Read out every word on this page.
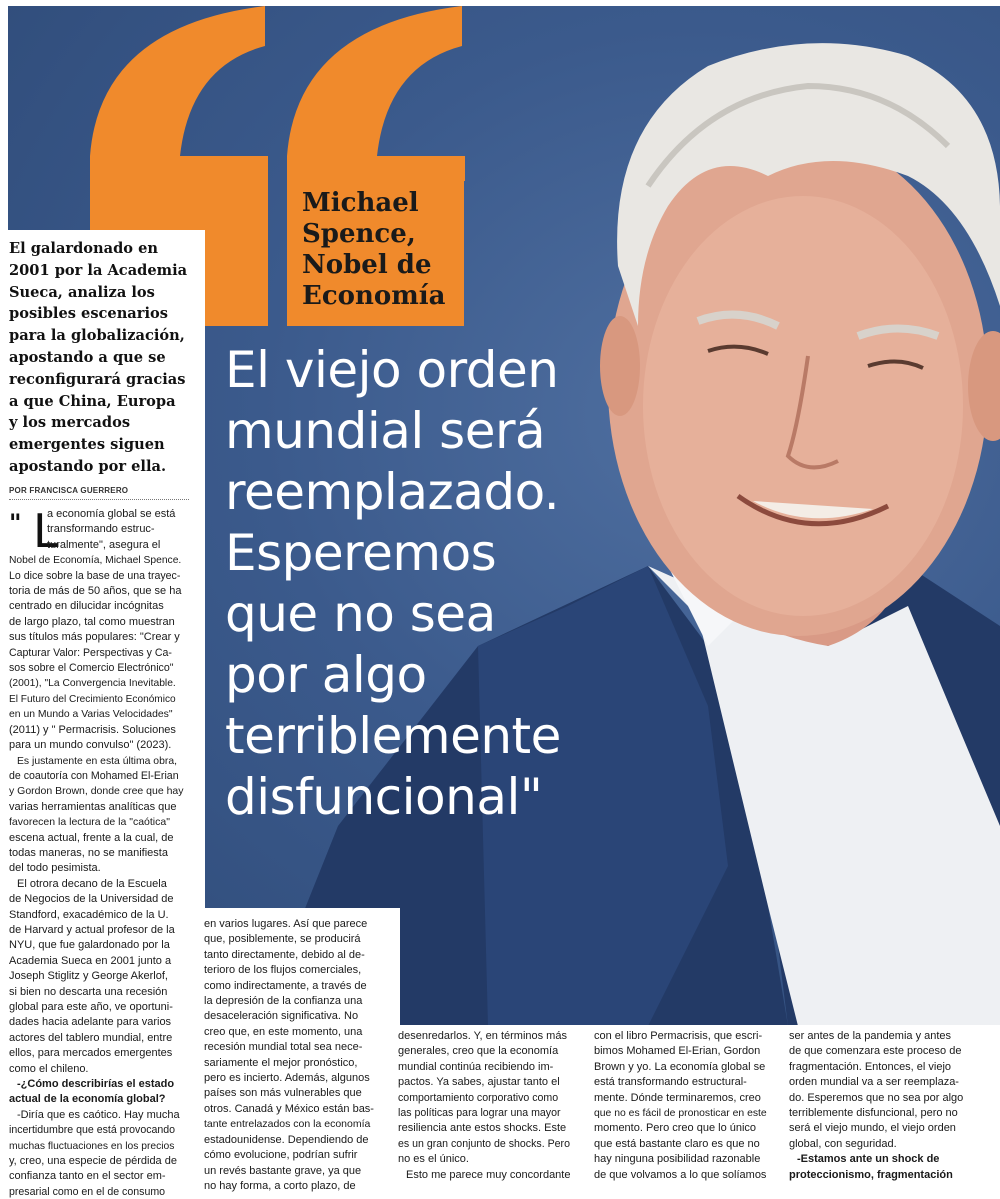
Michael
Spence,
Nobel de
Economía
El viejo orden
mundial será
reemplazado.
Esperemos
que no sea
por algo
terriblemente
disfuncional"
El galardonado en
2001 por la Academia
Sueca, analiza los
posibles escenarios
para la globalización,
apostando a que se
reconfigurará gracias
a que China, Europa
y los mercados
emergentes siguen
apostando por ella.
POR FRANCISCA GUERRERO
" L
a economía global se está
transformando estruc-
turalmente", asegura el
Nobel de Economía, Michael Spence.
Lo dice sobre la base de una trayec-
toria de más de 50 años, que se ha
centrado en dilucidar incógnitas
de largo plazo, tal como muestran
sus títulos más populares: "Crear y
Capturar Valor: Perspectivas y Ca-
sos sobre el Comercio Electrónico"
(2001), "La Convergencia Inevitable.
El Futuro del Crecimiento Económico
en un Mundo a Varias Velocidades"
(2011) y " Permacrisis. Soluciones
para un mundo convulso" (2023).
Es justamente en esta última obra,
de coautoría con Mohamed El-Erian
y Gordon Brown, donde cree que hay
varias herramientas analíticas que
favorecen la lectura de la "caótica"
escena actual, frente a la cual, de
todas maneras, no se manifiesta
del todo pesimista.
El otrora decano de la Escuela
de Negocios de la Universidad de
Standford, exacadémico de la U.
de Harvard y actual profesor de la
NYU, que fue galardonado por la
Academia Sueca en 2001 junto a
Joseph Stiglitz y George Akerlof,
si bien no descarta una recesión
global para este año, ve oportuni-
dades hacia adelante para varios
actores del tablero mundial, entre
ellos, para mercados emergentes
como el chileno.
-¿Cómo describirías el estado
actual de la economía global?
-Diría que es caótico. Hay mucha
incertidumbre que está provocando
muchas fluctuaciones en los precios
y, creo, una especie de pérdida de
confianza tanto en el sector em-
presarial como en el de consumo
en varios lugares. Así que parece
que, posiblemente, se producirá
tanto directamente, debido al de-
terioro de los flujos comerciales,
como indirectamente, a través de
la depresión de la confianza una
desaceleración significativa. No
creo que, en este momento, una
recesión mundial total sea nece-
sariamente el mejor pronóstico,
pero es incierto. Además, algunos
países son más vulnerables que
otros. Canadá y México están bas-
tante entrelazados con la economía
estadounidense. Dependiendo de
cómo evolucione, podrían sufrir
un revés bastante grave, ya que
no hay forma, a corto plazo, de
desenredarlos. Y, en términos más
generales, creo que la economía
mundial continúa recibiendo im-
pactos. Ya sabes, ajustar tanto el
comportamiento corporativo como
las políticas para lograr una mayor
resiliencia ante estos shocks. Este
es un gran conjunto de shocks. Pero
no es el único.
Esto me parece muy concordante
con el libro Permacrisis, que escri-
bimos Mohamed El-Erian, Gordon
Brown y yo. La economía global se
está transformando estructural-
mente. Dónde terminaremos, creo
que no es fácil de pronosticar en este
momento. Pero creo que lo único
que está bastante claro es que no
hay ninguna posibilidad razonable
de que volvamos a lo que solíamos
ser antes de la pandemia y antes
de que comenzara este proceso de
fragmentación. Entonces, el viejo
orden mundial va a ser reemplaza-
do. Esperemos que no sea por algo
terriblemente disfuncional, pero no
será el viejo mundo, el viejo orden
global, con seguridad.
-Estamos ante un shock de
proteccionismo, fragmentación
